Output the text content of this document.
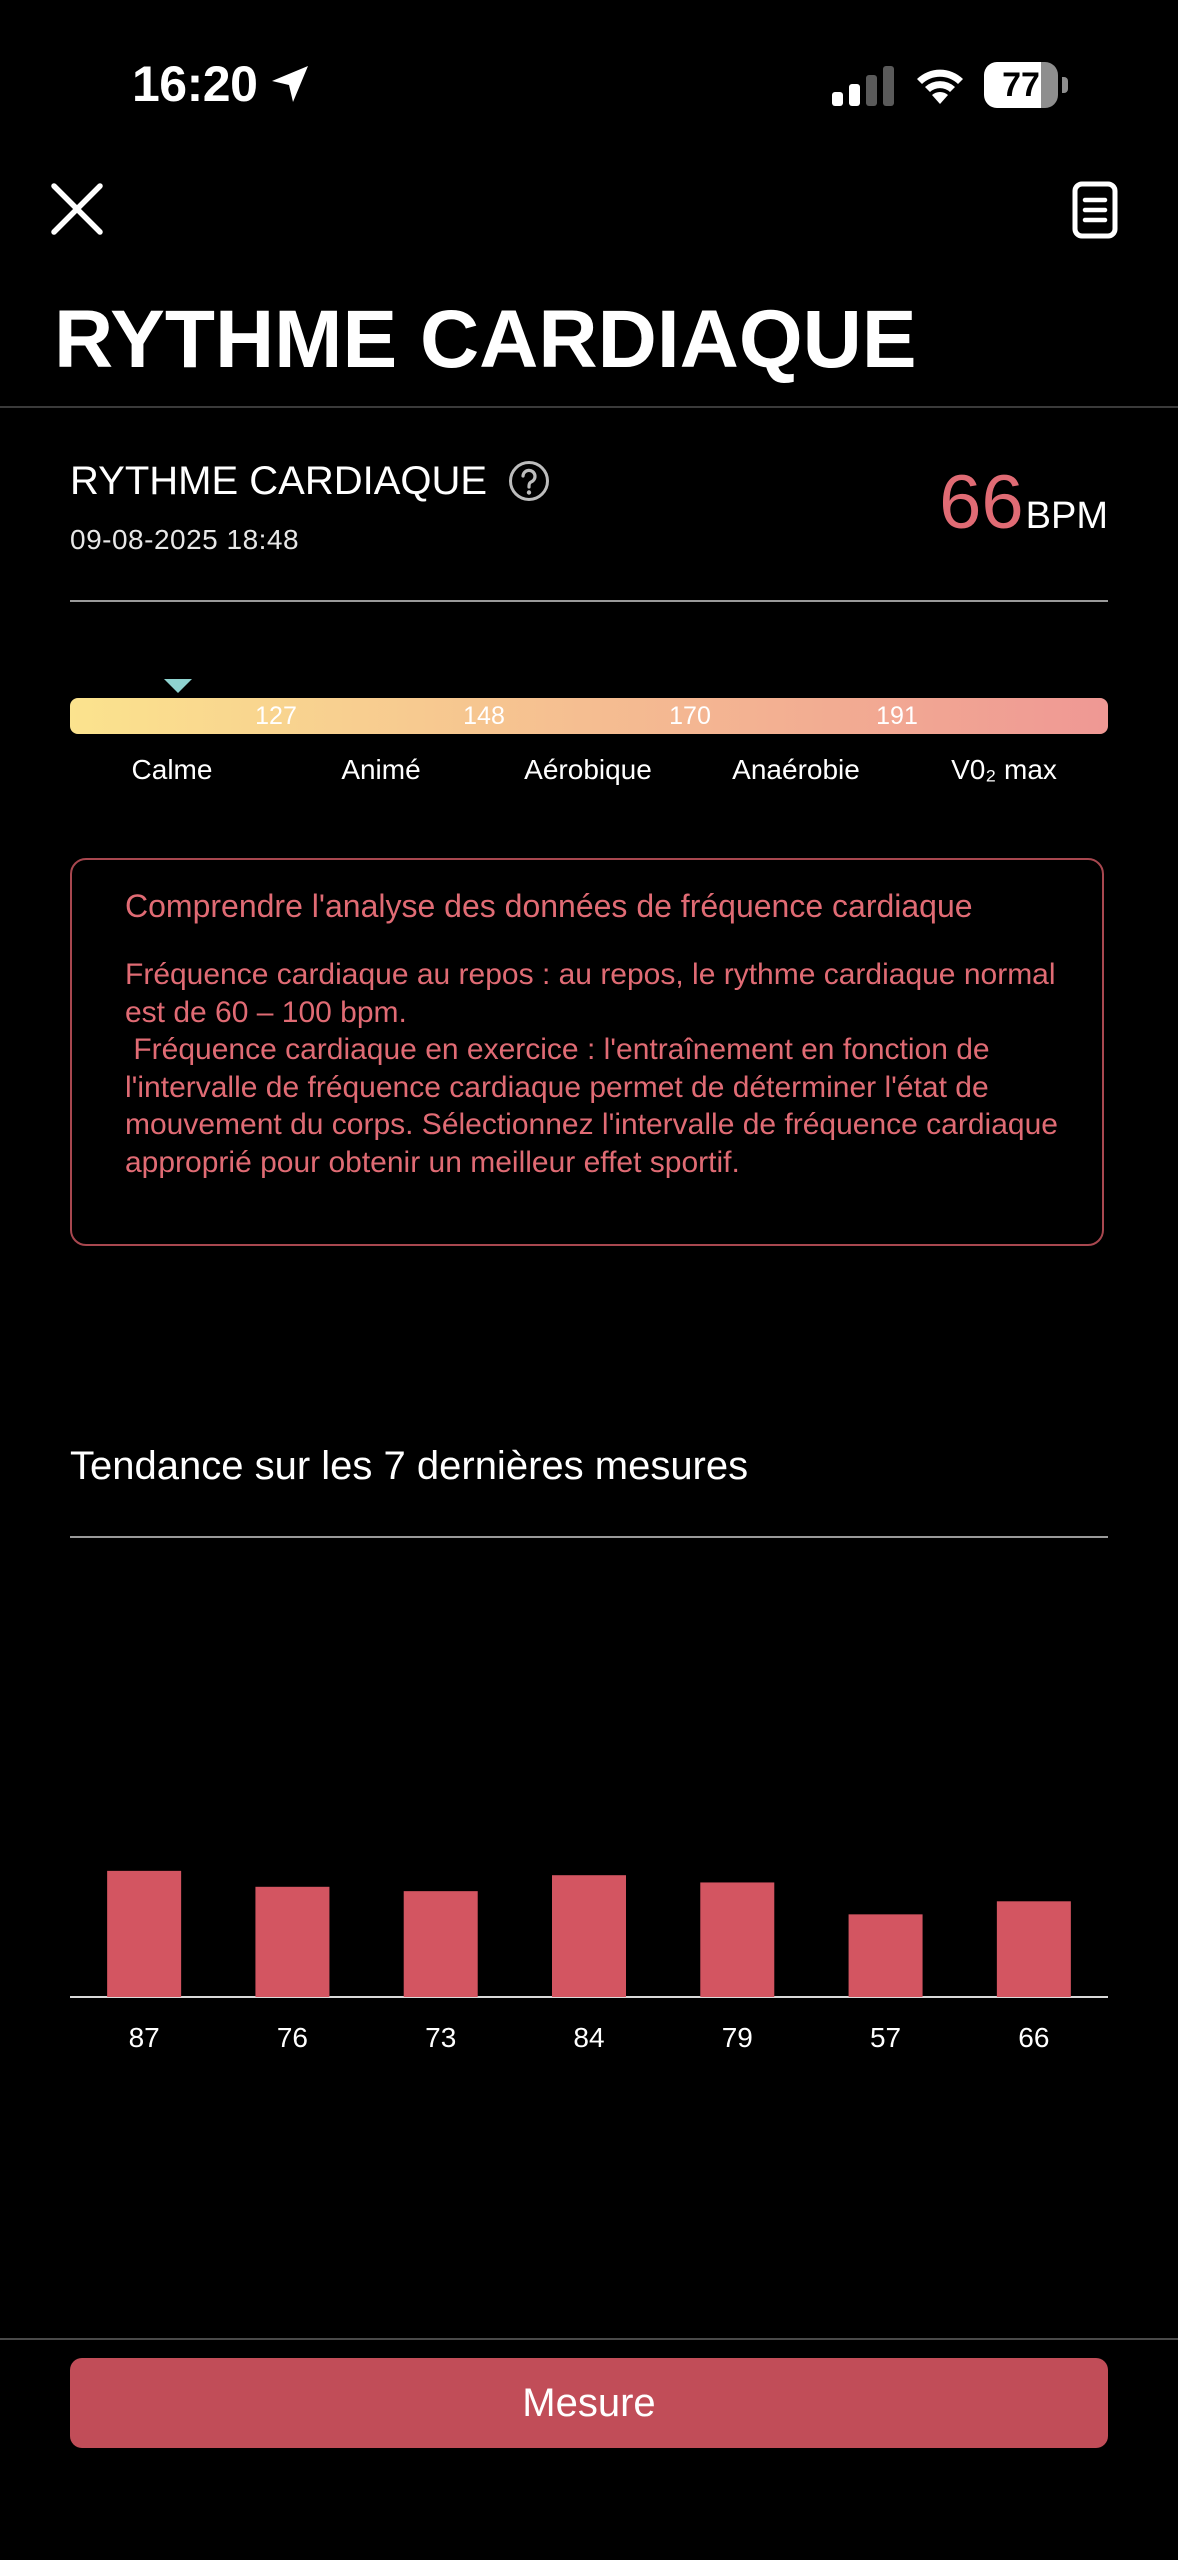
16:20	77
RYTHME CARDIAQUE
RYTHME CARDIAQUE
09-08-2025 18:48	66 BPM
127	148	170	191
Calme	Animé	Aérobique	Anaérobie	V0₂ max
Comprendre l'analyse des données de fréquence cardiaque
Fréquence cardiaque au repos : au repos, le rythme cardiaque normal est de 60 – 100 bpm.
Fréquence cardiaque en exercice : l'entraînement en fonction de l'intervalle de fréquence cardiaque permet de déterminer l'état de mouvement du corps. Sélectionnez l'intervalle de fréquence cardiaque approprié pour obtenir un meilleur effet sportif.
Tendance sur les 7 dernières mesures
87	76	73	84	79	57	66
Mesure
